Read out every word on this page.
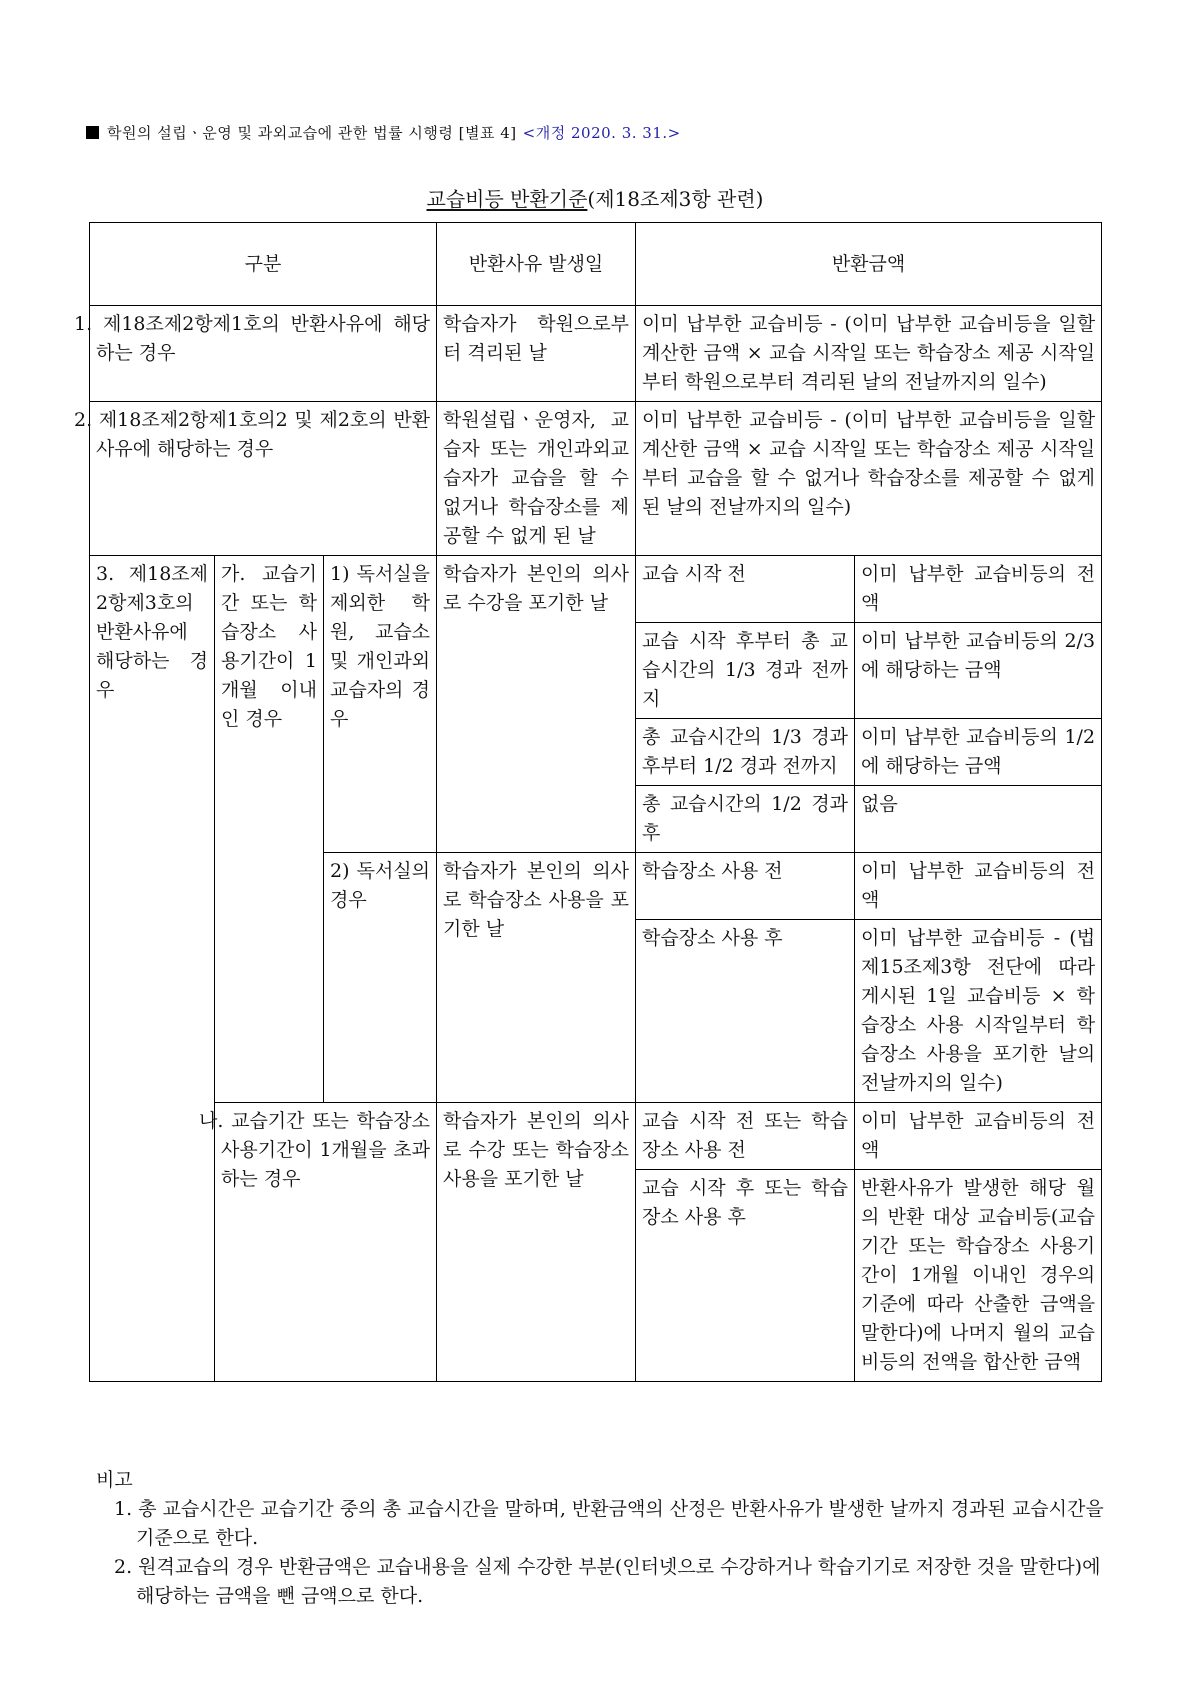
학원의 설립ㆍ운영 및 과외교습에 관한 법률 시행령 [별표 4] <개정 2020. 3. 31.>
교습비등 반환기준(제18조제3항 관련)
구분			반환사유 발생일	반환금액	
1. 제18조제2항제1호의 반환사유에 해당하는 경우			학습자가 학원으로부터 격리된 날	이미 납부한 교습비등 - (이미 납부한 교습비등을 일할계산한 금액 × 교습 시작일 또는 학습장소 제공 시작일부터 학원으로부터 격리된 날의 전날까지의 일수)	
2. 제18조제2항제1호의2 및 제2호의 반환사유에 해당하는 경우			학원설립ㆍ운영자, 교습자 또는 개인과외교습자가 교습을 할 수 없거나 학습장소를 제공할 수 없게 된 날	이미 납부한 교습비등 - (이미 납부한 교습비등을 일할계산한 금액 × 교습 시작일 또는 학습장소 제공 시작일부터 교습을 할 수 없거나 학습장소를 제공할 수 없게 된 날의 전날까지의 일수)	
3. 제18조제2항제3호의 반환사유에 해당하는 경우	가. 교습기간 또는 학습장소 사용기간이 1개월 이내인 경우	1) 독서실을 제외한 학원, 교습소 및 개인과외교습자의 경우	학습자가 본인의 의사로 수강을 포기한 날	교습 시작 전	이미 납부한 교습비등의 전액
				교습 시작 후부터 총 교습시간의 1/3 경과 전까지	이미 납부한 교습비등의 2/3에 해당하는 금액
				총 교습시간의 1/3 경과 후부터 1/2 경과 전까지	이미 납부한 교습비등의 1/2에 해당하는 금액
				총 교습시간의 1/2 경과 후	없음
		2) 독서실의 경우	학습자가 본인의 의사로 학습장소 사용을 포기한 날	학습장소 사용 전	이미 납부한 교습비등의 전액
				학습장소 사용 후	이미 납부한 교습비등 - (법 제15조제3항 전단에 따라 게시된 1일 교습비등 × 학습장소 사용 시작일부터 학습장소 사용을 포기한 날의 전날까지의 일수)
	나. 교습기간 또는 학습장소 사용기간이 1개월을 초과하는 경우		학습자가 본인의 의사로 수강 또는 학습장소 사용을 포기한 날	교습 시작 전 또는 학습장소 사용 전	이미 납부한 교습비등의 전액
				교습 시작 후 또는 학습장소 사용 후	반환사유가 발생한 해당 월의 반환 대상 교습비등(교습기간 또는 학습장소 사용기간이 1개월 이내인 경우의 기준에 따라 산출한 금액을 말한다)에 나머지 월의 교습비등의 전액을 합산한 금액
비고
1. 총 교습시간은 교습기간 중의 총 교습시간을 말하며, 반환금액의 산정은 반환사유가 발생한 날까지 경과된 교습시간을 기준으로 한다.
2. 원격교습의 경우 반환금액은 교습내용을 실제 수강한 부분(인터넷으로 수강하거나 학습기기로 저장한 것을 말한다)에 해당하는 금액을 뺀 금액으로 한다.
